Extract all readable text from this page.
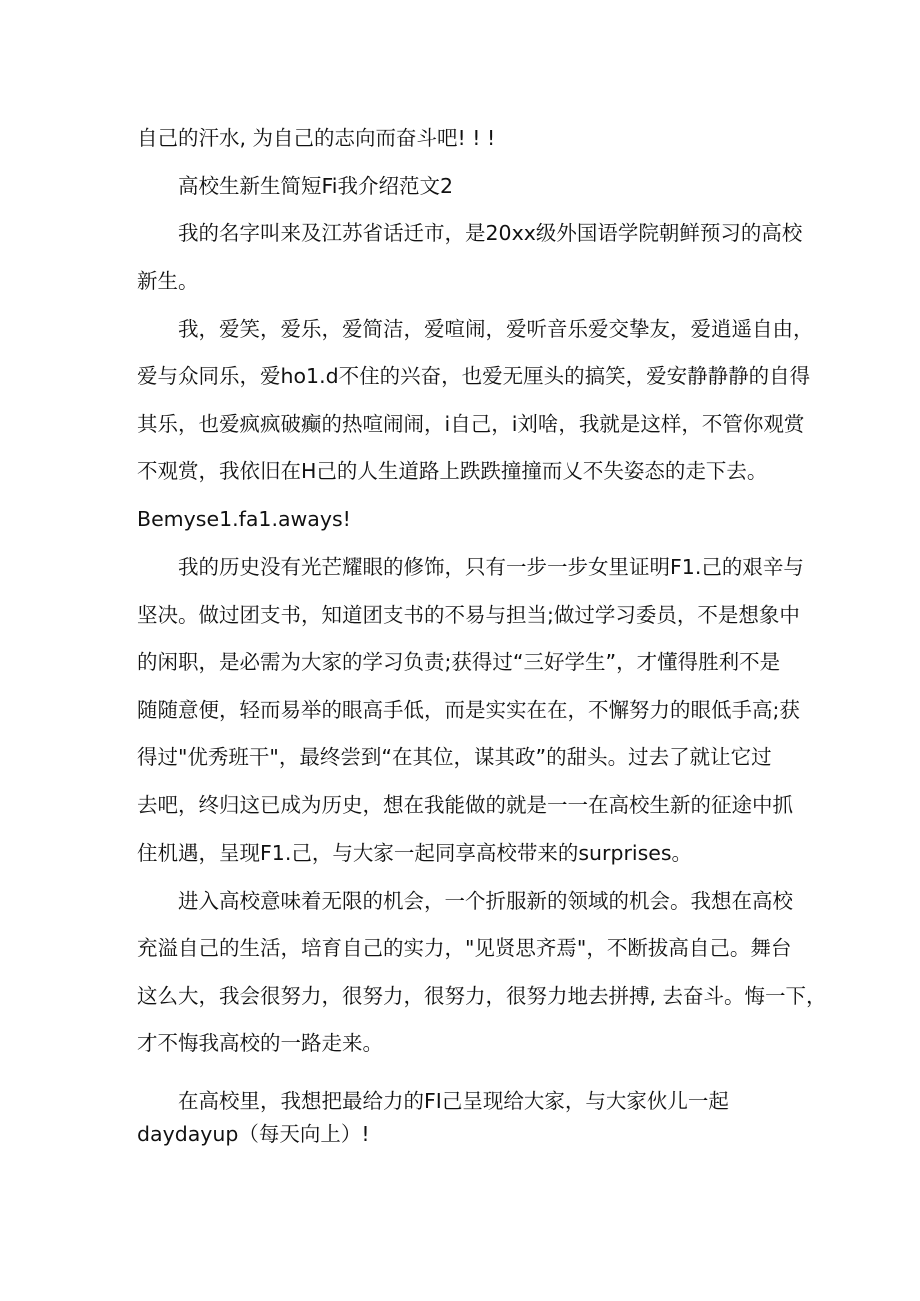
自己的汗水, 为自己的志向而奋斗吧! ! !
高校生新生简短Fi我介绍范文2
我的名字叫来及江苏省话迁市，是20xx级外国语学院朝鲜预习的高校
新生。
我，爱笑，爱乐，爱简洁，爱喧闹，爱听音乐爱交挚友，爱逍遥自由，
爱与众同乐，爱ho1.d不住的兴奋，也爱无厘头的搞笑，爱安静静静的自得
其乐，也爱疯疯破癫的热喧闹闹，i自己，i刘啥，我就是这样，不管你观赏
不观赏，我依旧在H己的人生道路上跌跌撞撞而乂不失姿态的走下去。
Bemyse1.fa1.aways!
我的历史没有光芒耀眼的修饰，只有一步一步女里证明F1.己的艰辛与
坚决。做过团支书，知道团支书的不易与担当;做过学习委员，不是想象中
的闲职，是必需为大家的学习负责;获得过“三好学生”，才懂得胜利不是
随随意便，轻而易举的眼高手低，而是实实在在，不懈努力的眼低手高;获
得过"优秀班干"，最终尝到“在其位，谋其政”的甜头。过去了就让它过
去吧，终归这已成为历史，想在我能做的就是一一在高校生新的征途中抓
住机遇，呈现F1.己，与大家一起同享高校带来的surprises。
进入高校意味着无限的机会，一个折服新的领域的机会。我想在高校
充溢自己的生活，培育自己的实力，"见贤思齐焉"，不断拔高自己。舞台
这么大，我会很努力，很努力，很努力，很努力地去拼搏, 去奋斗。悔一下，
才不悔我高校的一路走来。
在高校里，我想把最给力的FI己呈现给大家，与大家伙儿一起
daydayup（每天向上）!
